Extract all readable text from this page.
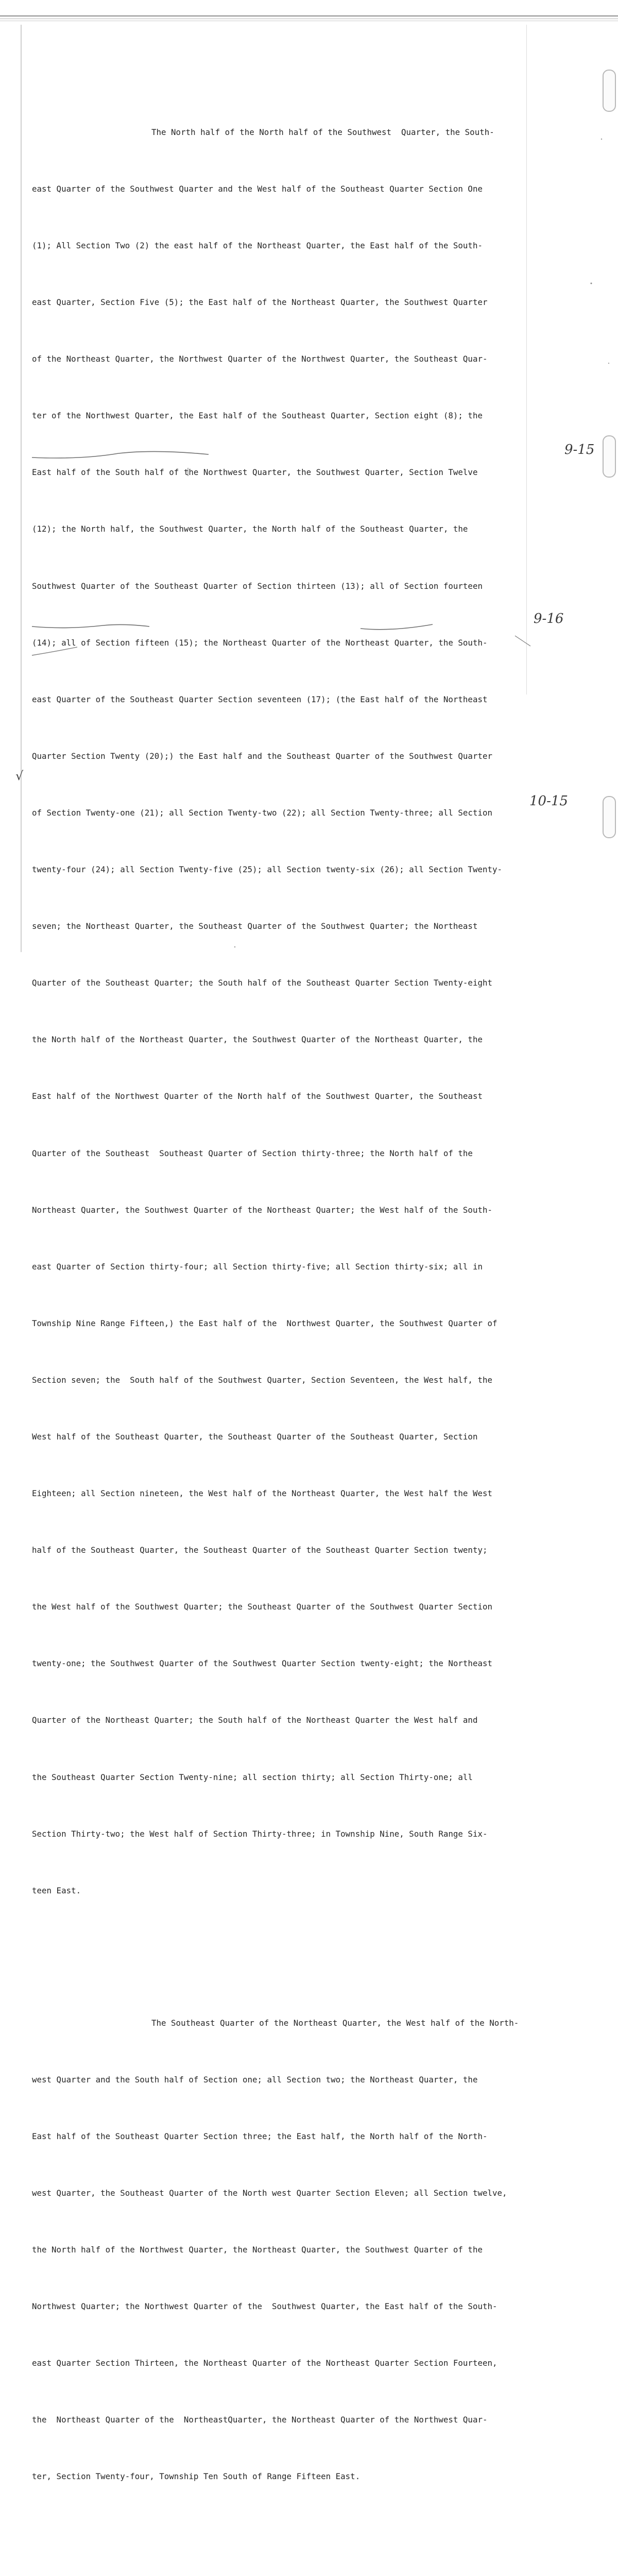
The North half of the North half of the Southwest  Quarter, the South-

east Quarter of the Southwest Quarter and the West half of the Southeast Quarter Section One

(1); All Section Two (2) the east half of the Northeast Quarter, the East half of the South-

east Quarter, Section Five (5); the East half of the Northeast Quarter, the Southwest Quarter

of the Northeast Quarter, the Northwest Quarter of the Northwest Quarter, the Southeast Quar-

ter of the Northwest Quarter, the East half of the Southeast Quarter, Section eight (8); the

East half of the South half of the Northwest Quarter, the Southwest Quarter, Section Twelve

(12); the North half, the Southwest Quarter, the North half of the Southeast Quarter, the

Southwest Quarter of the Southeast Quarter of Section thirteen (13); all of Section fourteen

(14); all of Section fifteen (15); the Northeast Quarter of the Northeast Quarter, the South-

east Quarter of the Southeast Quarter Section seventeen (17); (the East half of the Northeast

Quarter Section Twenty (20);) the East half and the Southeast Quarter of the Southwest Quarter

of Section Twenty-one (21); all Section Twenty-two (22); all Section Twenty-three; all Section

twenty-four (24); all Section Twenty-five (25); all Section twenty-six (26); all Section Twenty-

seven; the Northeast Quarter, the Southeast Quarter of the Southwest Quarter; the Northeast

Quarter of the Southeast Quarter; the South half of the Southeast Quarter Section Twenty-eight

the North half of the Northeast Quarter, the Southwest Quarter of the Northeast Quarter, the

East half of the Northwest Quarter of the North half of the Southwest Quarter, the Southeast

Quarter of the Southeast  Southeast Quarter of Section thirty-three; the North half of the

Northeast Quarter, the Southwest Quarter of the Northeast Quarter; the West half of the South-

east Quarter of Section thirty-four; all Section thirty-five; all Section thirty-six; all in

Township Nine Range Fifteen,) the East half of the  Northwest Quarter, the Southwest Quarter of

Section seven; the  South half of the Southwest Quarter, Section Seventeen, the West half, the

West half of the Southeast Quarter, the Southeast Quarter of the Southeast Quarter, Section

Eighteen; all Section nineteen, the West half of the Northeast Quarter, the West half the West

half of the Southeast Quarter, the Southeast Quarter of the Southeast Quarter Section twenty;

the West half of the Southwest Quarter; the Southeast Quarter of the Southwest Quarter Section

twenty-one; the Southwest Quarter of the Southwest Quarter Section twenty-eight; the Northeast

Quarter of the Northeast Quarter; the South half of the Northeast Quarter the West half and

the Southeast Quarter Section Twenty-nine; all section thirty; all Section Thirty-one; all

Section Thirty-two; the West half of Section Thirty-three; in Township Nine, South Range Six-

teen East.

The Southeast Quarter of the Northeast Quarter, the West half of the North-

west Quarter and the South half of Section one; all Section two; the Northeast Quarter, the

East half of the Southeast Quarter Section three; the East half, the North half of the North-

west Quarter, the Southeast Quarter of the North west Quarter Section Eleven; all Section twelve,

the North half of the Northwest Quarter, the Northeast Quarter, the Southwest Quarter of the

Northwest Quarter; the Northwest Quarter of the  Southwest Quarter, the East half of the South-

east Quarter Section Thirteen, the Northeast Quarter of the Northeast Quarter Section Fourteen,

the  Northeast Quarter of the  NortheastQuarter, the Northeast Quarter of the Northwest Quar-

ter, Section Twenty-four, Township Ten South of Range Fifteen East.

9-15
9-16
10-15
√
